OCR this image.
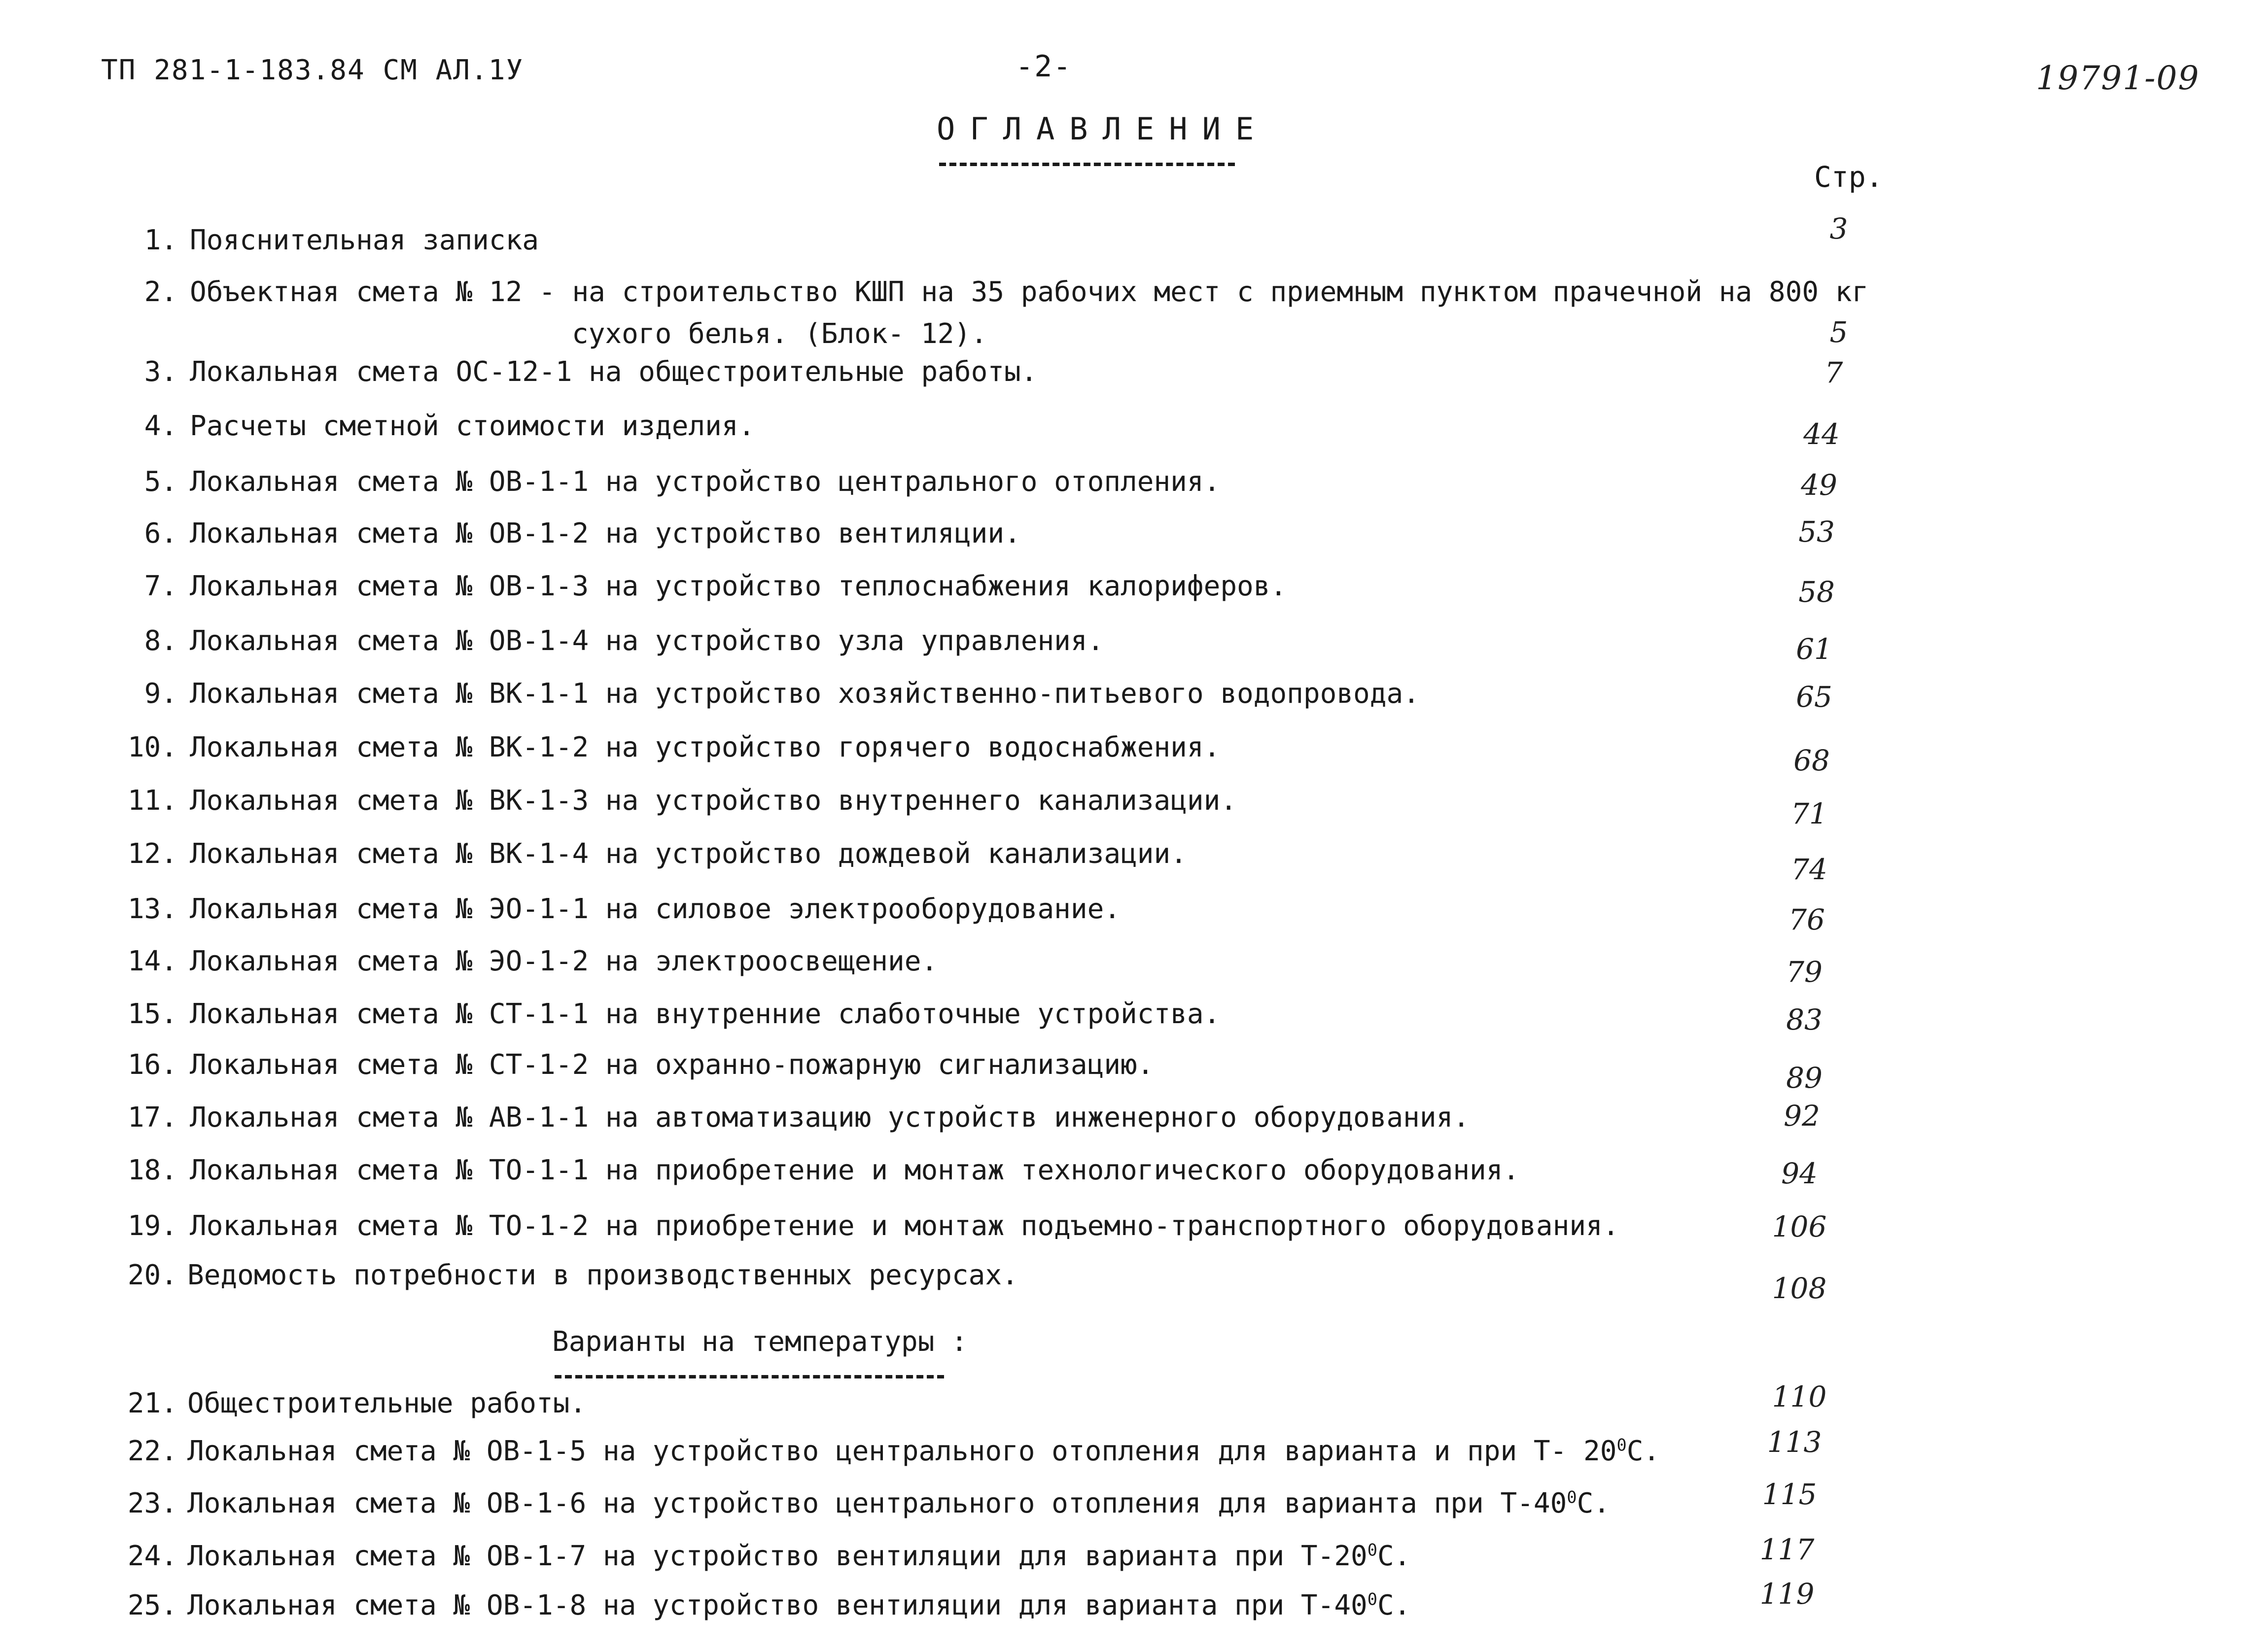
ТП 281-1-183.84 СМ АЛ.1У	-2-	19791-09
ОГЛАВЛЕНИЕ
Стр.
1. Пояснительная записка	3
2. Объектная смета № 12 - на строительство КШП на 35 рабочих мест с приемным пунктом прачечной на 800 кг
сухого белья. (Блок- 12).	5
3. Локальная смета ОС-12-1 на общестроительные работы.	7
4. Расчеты сметной стоимости изделия.	44
5. Локальная смета № ОВ-1-1 на устройство центрального отопления.	49
6. Локальная смета № ОВ-1-2 на устройство вентиляции.	53
7. Локальная смета № ОВ-1-3 на устройство теплоснабжения калориферов.	58
8. Локальная смета № ОВ-1-4 на устройство узла управления.	61
9. Локальная смета № ВК-1-1 на устройство хозяйственно-питьевого водопровода.	65
10. Локальная смета № ВК-1-2 на устройство горячего водоснабжения.	68
11. Локальная смета № ВК-1-3 на устройство внутреннего канализации.	71
12. Локальная смета № ВК-1-4 на устройство дождевой канализации.	74
13. Локальная смета № ЭО-1-1 на силовое электрооборудование.	76
14. Локальная смета № ЭО-1-2 на электроосвещение.	79
15. Локальная смета № СТ-1-1 на внутренние слаботочные устройства.	83
16. Локальная смета № СТ-1-2 на охранно-пожарную сигнализацию.	89
17. Локальная смета № АВ-1-1 на автоматизацию устройств инженерного оборудования.	92
18. Локальная смета № ТО-1-1 на приобретение и монтаж технологического оборудования.	94
19. Локальная смета № ТО-1-2 на приобретение и монтаж подъемно-транспортного оборудования.	106
20. Ведомость потребности в производственных ресурсах.	108
Варианты на температуры :
21. Общестроительные работы.	110
22. Локальная смета № ОВ-1-5 на устройство центрального отопления для варианта и при Т- $20^0С$.	113
23. Локальная смета № ОВ-1-6 на устройство центрального отопления для варианта при $Т-40^0С$.	115
24. Локальная смета № ОВ-1-7 на устройство вентиляции для варианта при $Т-20^0С$.	117
25. Локальная смета № ОВ-1-8 на устройство вентиляции для варианта при $Т-40^0С$.	119
